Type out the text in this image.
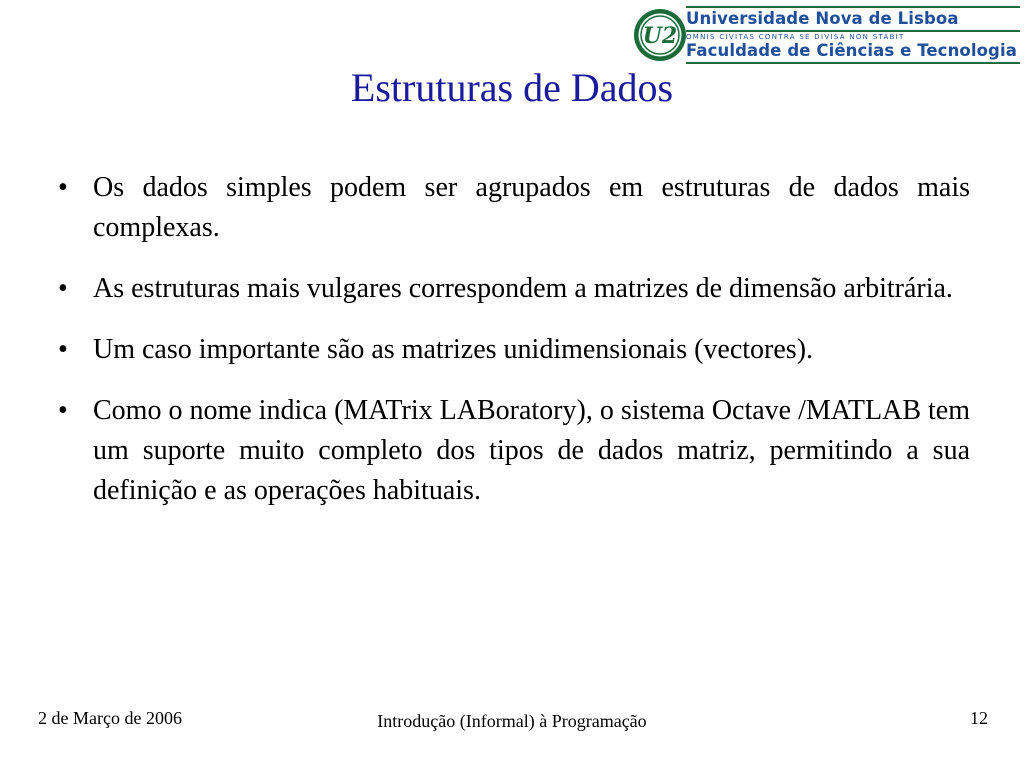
U2
Universidade Nova de Lisboa
OMNIS CIVITAS CONTRA SE DIVISA NON STABIT
Faculdade de Ciências e Tecnologia
Estruturas de Dados
• Os dados simples podem ser agrupados em estruturas de dados mais complexas.
• As estruturas mais vulgares correspondem a matrizes de dimensão arbitrária.
• Um caso importante são as matrizes unidimensionais (vectores).
• Como o nome indica (MATrix LABoratory), o sistema Octave /MATLAB tem um suporte muito completo dos tipos de dados matriz, permitindo a sua definição e as operações habituais.
2 de Março de 2006	Introdução (Informal) à Programação	12
